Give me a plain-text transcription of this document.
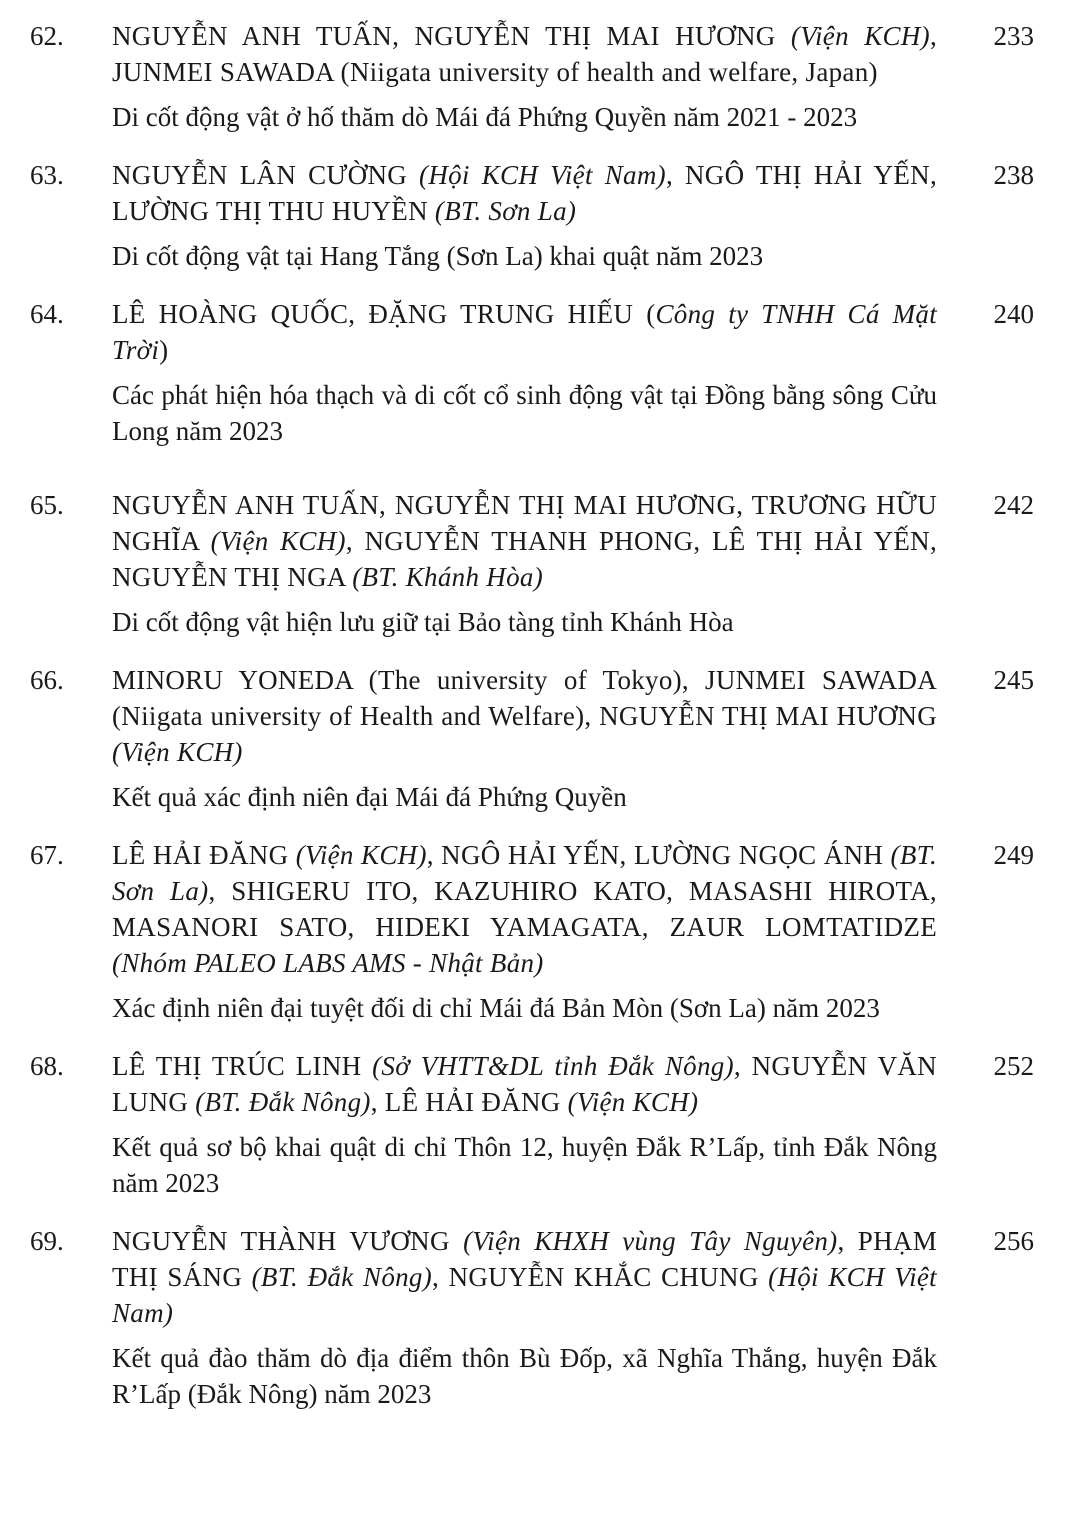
62. NGUYỄN ANH TUẤN, NGUYỄN THỊ MAI HƯƠNG (Viện KCH), JUNMEI SAWADA (Niigata university of health and welfare, Japan)
Di cốt động vật ở hố thăm dò Mái đá Phứng Quyền năm 2021 - 2023
233
63. NGUYỄN LÂN CƯỜNG (Hội KCH Việt Nam), NGÔ THỊ HẢI YẾN, LƯỜNG THỊ THU HUYỀN (BT. Sơn La)
Di cốt động vật tại Hang Tắng (Sơn La) khai quật năm 2023
238
64. LÊ HOÀNG QUỐC, ĐẶNG TRUNG HIẾU (Công ty TNHH Cá Mặt Trời)
Các phát hiện hóa thạch và di cốt cổ sinh động vật tại Đồng bằng sông Cửu Long năm 2023
240
65. NGUYỄN ANH TUẤN, NGUYỄN THỊ MAI HƯƠNG, TRƯƠNG HỮU NGHĨA (Viện KCH), NGUYỄN THANH PHONG, LÊ THỊ HẢI YẾN, NGUYỄN THỊ NGA (BT. Khánh Hòa)
Di cốt động vật hiện lưu giữ tại Bảo tàng tỉnh Khánh Hòa
242
66. MINORU YONEDA (The university of Tokyo), JUNMEI SAWADA (Niigata university of Health and Welfare), NGUYỄN THỊ MAI HƯƠNG (Viện KCH)
Kết quả xác định niên đại Mái đá Phứng Quyền
245
67. LÊ HẢI ĐĂNG (Viện KCH), NGÔ HẢI YẾN, LƯỜNG NGỌC ÁNH (BT. Sơn La), SHIGERU ITO, KAZUHIRO KATO, MASASHI HIROTA, MASANORI SATO, HIDEKI YAMAGATA, ZAUR LOMTATIDZE (Nhóm PALEO LABS AMS - Nhật Bản)
Xác định niên đại tuyệt đối di chỉ Mái đá Bản Mòn (Sơn La) năm 2023
249
68. LÊ THỊ TRÚC LINH (Sở VHTT&DL tỉnh Đắk Nông), NGUYỄN VĂN LUNG (BT. Đắk Nông), LÊ HẢI ĐĂNG (Viện KCH)
Kết quả sơ bộ khai quật di chỉ Thôn 12, huyện Đắk R’Lấp, tỉnh Đắk Nông năm 2023
252
69. NGUYỄN THÀNH VƯƠNG (Viện KHXH vùng Tây Nguyên), PHẠM THỊ SÁNG (BT. Đắk Nông), NGUYỄN KHẮC CHUNG (Hội KCH Việt Nam)
Kết quả đào thăm dò địa điểm thôn Bù Đốp, xã Nghĩa Thắng, huyện Đắk R’Lấp (Đắk Nông) năm 2023
256
